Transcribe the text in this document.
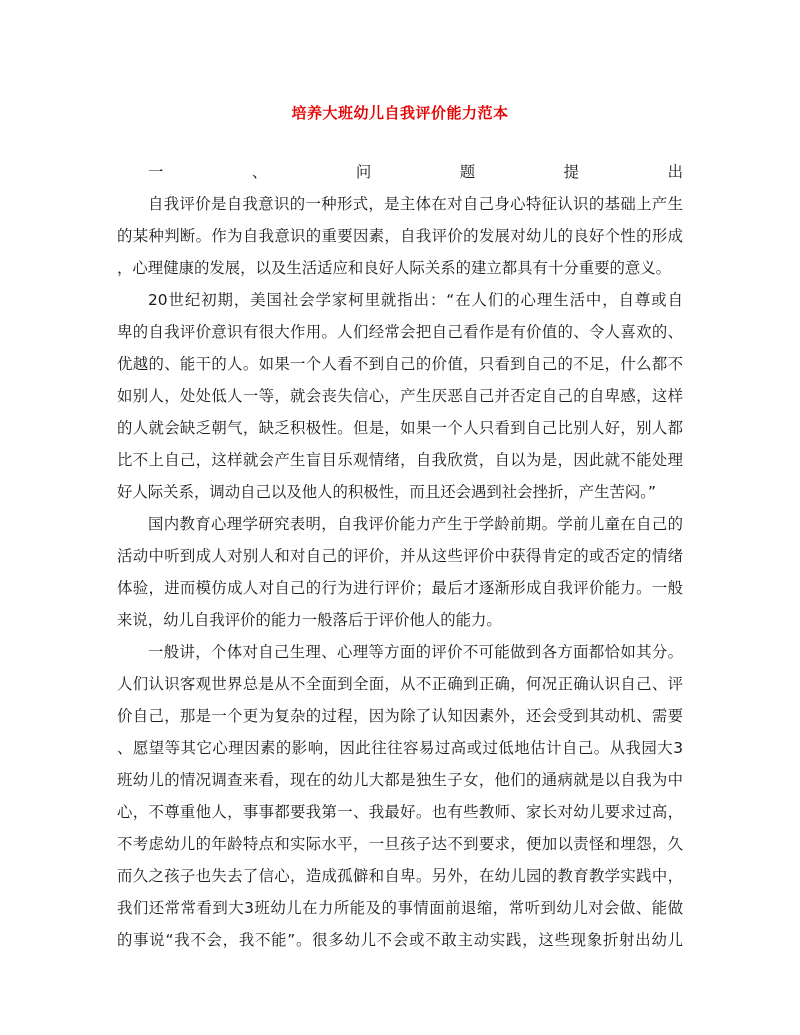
培养大班幼儿自我评价能力范本
一、问题提出
自我评价是自我意识的一种形式，是主体在对自己身心特征认识的基础上产生
的某种判断。作为自我意识的重要因素，自我评价的发展对幼儿的良好个性的形成
，心理健康的发展，以及生活适应和良好人际关系的建立都具有十分重要的意义。
20世纪初期，美国社会学家柯里就指出：“在人们的心理生活中，自尊或自
卑的自我评价意识有很大作用。人们经常会把自己看作是有价值的、令人喜欢的、
优越的、能干的人。如果一个人看不到自己的价值，只看到自己的不足，什么都不
如别人，处处低人一等，就会丧失信心，产生厌恶自己并否定自己的自卑感，这样
的人就会缺乏朝气，缺乏积极性。但是，如果一个人只看到自己比别人好，别人都
比不上自己，这样就会产生盲目乐观情绪，自我欣赏，自以为是，因此就不能处理
好人际关系，调动自己以及他人的积极性，而且还会遇到社会挫折，产生苦闷。”
国内教育心理学研究表明，自我评价能力产生于学龄前期。学前儿童在自己的
活动中听到成人对别人和对自己的评价，并从这些评价中获得肯定的或否定的情绪
体验，进而模仿成人对自己的行为进行评价；最后才逐渐形成自我评价能力。一般
来说，幼儿自我评价的能力一般落后于评价他人的能力。
一般讲，个体对自己生理、心理等方面的评价不可能做到各方面都恰如其分。
人们认识客观世界总是从不全面到全面，从不正确到正确，何况正确认识自己、评
价自己，那是一个更为复杂的过程，因为除了认知因素外，还会受到其动机、需要
、愿望等其它心理因素的影响，因此往往容易过高或过低地估计自己。从我园大3
班幼儿的情况调查来看，现在的幼儿大都是独生子女，他们的通病就是以自我为中
心，不尊重他人，事事都要我第一、我最好。也有些教师、家长对幼儿要求过高，
不考虑幼儿的年龄特点和实际水平，一旦孩子达不到要求，便加以责怪和埋怨，久
而久之孩子也失去了信心，造成孤僻和自卑。另外，在幼儿园的教育教学实践中，
我们还常常看到大3班幼儿在力所能及的事情面前退缩，常听到幼儿对会做、能做
的事说“我不会，我不能”。很多幼儿不会或不敢主动实践，这些现象折射出幼儿
